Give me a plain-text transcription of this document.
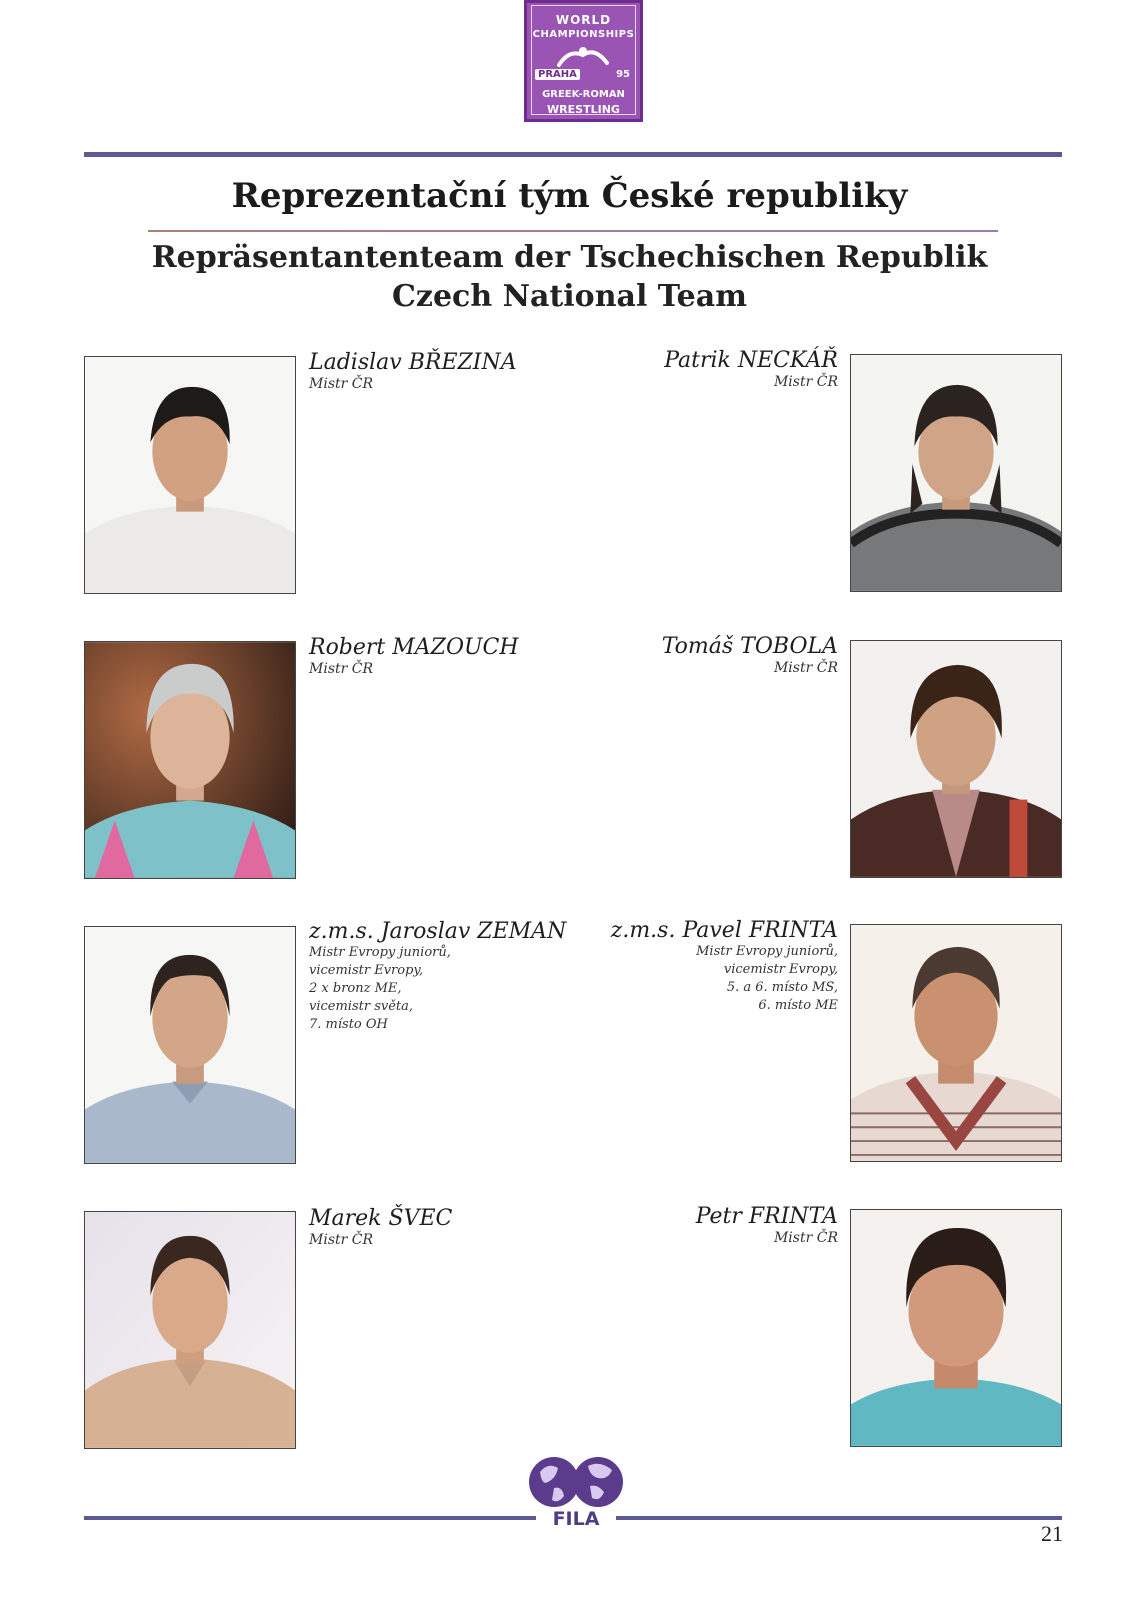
WORLD
CHAMPIONSHIPS
PRAHA	95
GREEK-ROMAN
WRESTLING
Reprezentační tým České republiky
Repräsentantenteam der Tschechischen Republik
Czech National Team
Ladislav BŘEZINA
Mistr ČR
Patrik NECKÁŘ
Mistr ČR
Robert MAZOUCH
Mistr ČR
Tomáš TOBOLA
Mistr ČR
z.m.s. Jaroslav ZEMAN
Mistr Evropy juniorů,
vicemistr Evropy,
2 x bronz ME,
vicemistr světa,
7. místo OH
z.m.s. Pavel FRINTA
Mistr Evropy juniorů,
vicemistr Evropy,
5. a 6. místo MS,
6. místo ME
Marek ŠVEC
Mistr ČR
Petr FRINTA
Mistr ČR
FILA
21
